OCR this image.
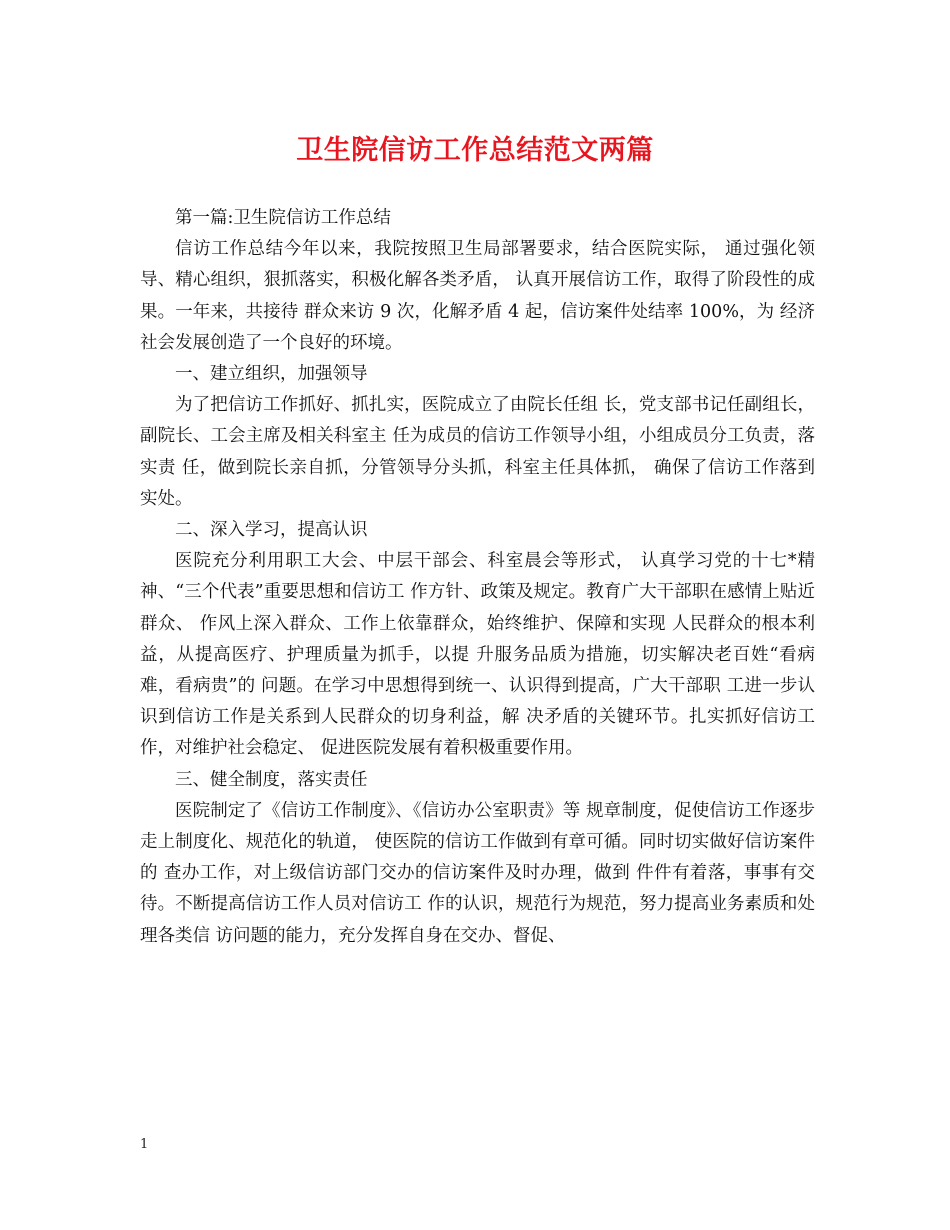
卫生院信访工作总结范文两篇

第一篇:卫生院信访工作总结

信访工作总结今年以来，我院按照卫生局部署要求，结合医院实际， 通过强化领导、精心组织，狠抓落实，积极化解各类矛盾， 认真开展信访工作，取得了阶段性的成果。一年来，共接待 群众来访 9 次，化解矛盾 4 起，信访案件处结率 100%，为 经济社会发展创造了一个良好的环境。

一、建立组织，加强领导

为了把信访工作抓好、抓扎实，医院成立了由院长任组 长，党支部书记任副组长，副院长、工会主席及相关科室主 任为成员的信访工作领导小组，小组成员分工负责，落实责 任，做到院长亲自抓，分管领导分头抓，科室主任具体抓， 确保了信访工作落到实处。

二、深入学习，提高认识

医院充分利用职工大会、中层干部会、科室晨会等形式， 认真学习党的十七*精神、“三个代表”重要思想和信访工 作方针、政策及规定。教育广大干部职在感情上贴近群众、 作风上深入群众、工作上依靠群众，始终维护、保障和实现 人民群众的根本利益，从提高医疗、护理质量为抓手，以提 升服务品质为措施，切实解决老百姓“看病难，看病贵”的 问题。在学习中思想得到统一、认识得到提高，广大干部职 工进一步认识到信访工作是关系到人民群众的切身利益，解 决矛盾的关键环节。扎实抓好信访工作，对维护社会稳定、 促进医院发展有着积极重要作用。

三、健全制度，落实责任

医院制定了《信访工作制度》、《信访办公室职责》等 规章制度，促使信访工作逐步走上制度化、规范化的轨道， 使医院的信访工作做到有章可循。同时切实做好信访案件的 查办工作，对上级信访部门交办的信访案件及时办理，做到 件件有着落，事事有交待。不断提高信访工作人员对信访工 作的认识，规范行为规范，努力提高业务素质和处理各类信 访问题的能力，充分发挥自身在交办、督促、

1
